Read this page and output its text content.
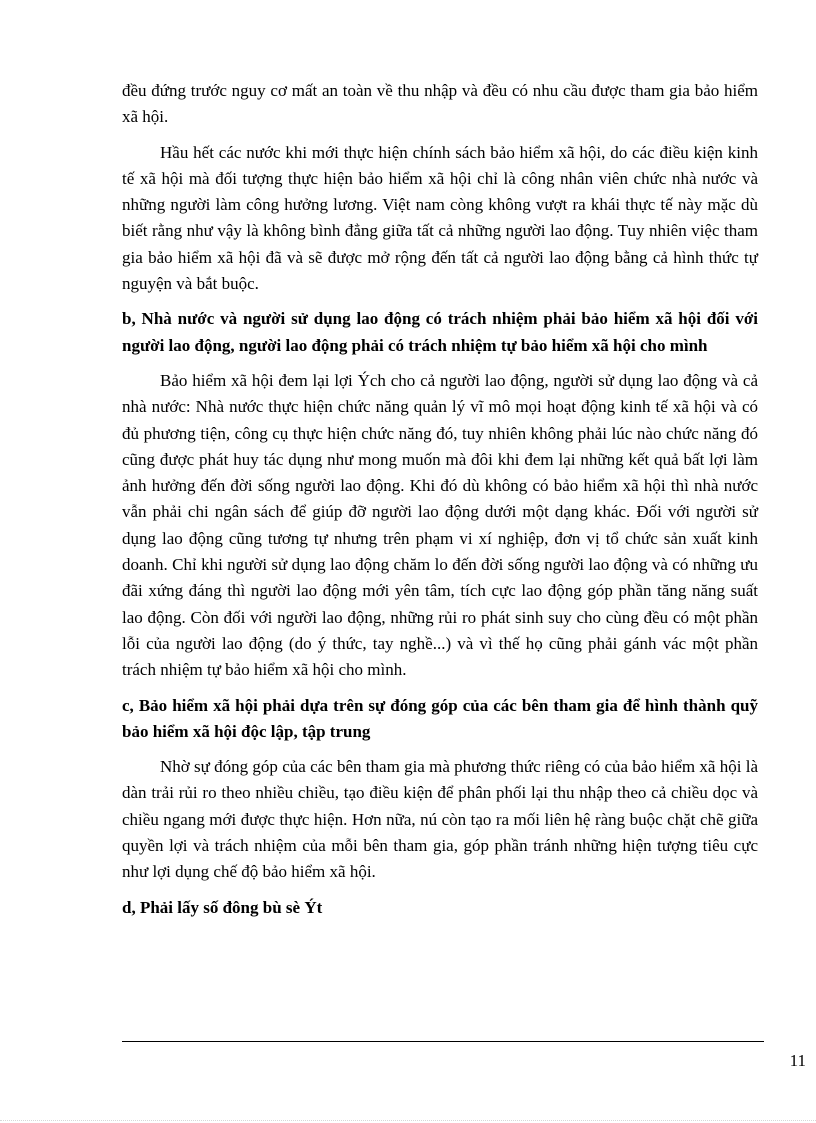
đều đứng trước nguy cơ mất an toàn về thu nhập và đều có nhu cầu được tham gia bảo hiểm xã hội.

Hầu hết các nước khi mới thực hiện chính sách bảo hiểm xã hội, do các điều kiện kinh tế xã hội mà đối tượng thực hiện bảo hiểm xã hội chỉ là công nhân viên chức nhà nước và những người làm công hưởng lương. Việt nam còng không vượt ra khái thực tế này mặc dù biết rằng như vậy là không bình đẳng giữa tất cả những người lao động. Tuy nhiên việc tham gia bảo hiểm xã hội đã và sẽ được mở rộng đến tất cả người lao động bằng cả hình thức tự nguyện và bắt buộc.

b, Nhà nước và người sử dụng lao động có trách nhiệm phải bảo hiểm xã hội đối với người lao động, người lao động phải có trách nhiệm tự bảo hiểm xã hội cho mình

Bảo hiểm xã hội đem lại lợi Ých cho cả người lao động, người sử dụng lao động và cả nhà nước: Nhà nước thực hiện chức năng quản lý vĩ mô mọi hoạt động kinh tế xã hội và có đủ phương tiện, công cụ thực hiện chức năng đó, tuy nhiên không phải lúc nào chức năng đó cũng được phát huy tác dụng như mong muốn mà đôi khi đem lại những kết quả bất lợi làm ảnh hưởng đến đời sống người lao động. Khi đó dù không có bảo hiểm xã hội thì nhà nước vẫn phải chi ngân sách để giúp đỡ người lao động dưới một dạng khác. Đối với người sử dụng lao động cũng tương tự nhưng trên phạm vi xí nghiệp, đơn vị tổ chức sản xuất kinh doanh. Chỉ khi người sử dụng lao động chăm lo đến đời sống người lao động và có những ưu đãi xứng đáng thì người lao động mới yên tâm, tích cực lao động góp phần tăng năng suất lao động. Còn đối với người lao động, những rủi ro phát sinh suy cho cùng đều có một phần lỗi của người lao động (do ý thức, tay nghề...) và vì thế họ cũng phải gánh vác một phần trách nhiệm tự bảo hiểm xã hội cho mình.

c, Bảo hiểm xã hội phải dựa trên sự đóng góp của các bên tham gia để hình thành quỹ bảo hiểm xã hội độc lập, tập trung

Nhờ sự đóng góp của các bên tham gia mà phương thức riêng có của bảo hiểm xã hội là dàn trải rủi ro theo nhiều chiều, tạo điều kiện để phân phối lại thu nhập theo cả chiều dọc và chiều ngang mới được thực hiện. Hơn nữa, nú còn tạo ra mối liên hệ ràng buộc chặt chẽ giữa quyền lợi và trách nhiệm của mỗi bên tham gia, góp phần tránh những hiện tượng tiêu cực như lợi dụng chế độ bảo hiểm xã hội.

d, Phải lấy số đông bù sè Ýt

11
